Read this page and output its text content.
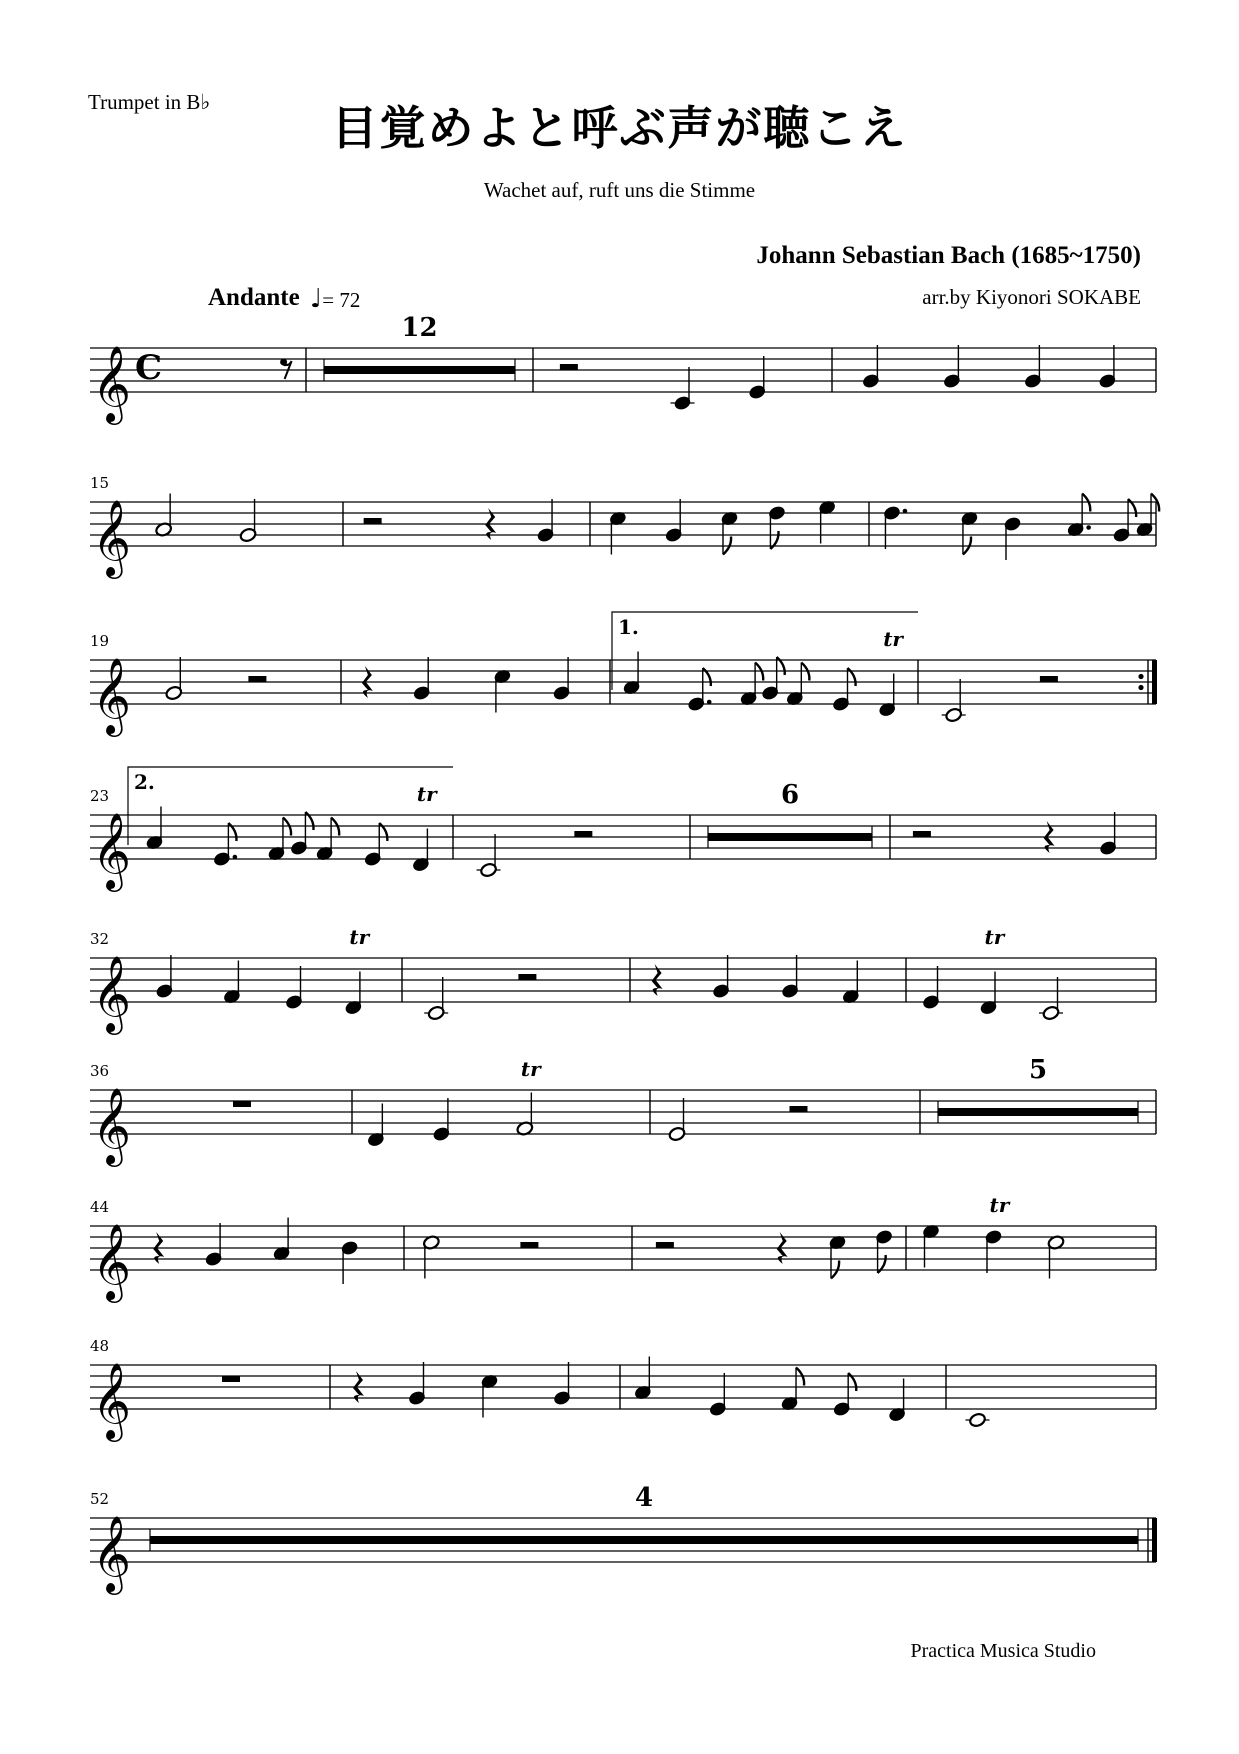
Trumpet in B♭	目覚めよと呼ぶ声が聴こえ
Wachet auf, ruft uns die Stimme
Johann Sebastian Bach (1685~1750)
arr.by Kiyonori SOKABE
Andante ♩= 72
Practica Musica Studio
𝄞 C
12
𝄞
15
𝄞
19	tr
𝄞
23	tr	6
𝄞
32	tr	tr
𝄞
36	tr	5
𝄞
44	tr
𝄞
48
𝄞
52	4
1.
2.
